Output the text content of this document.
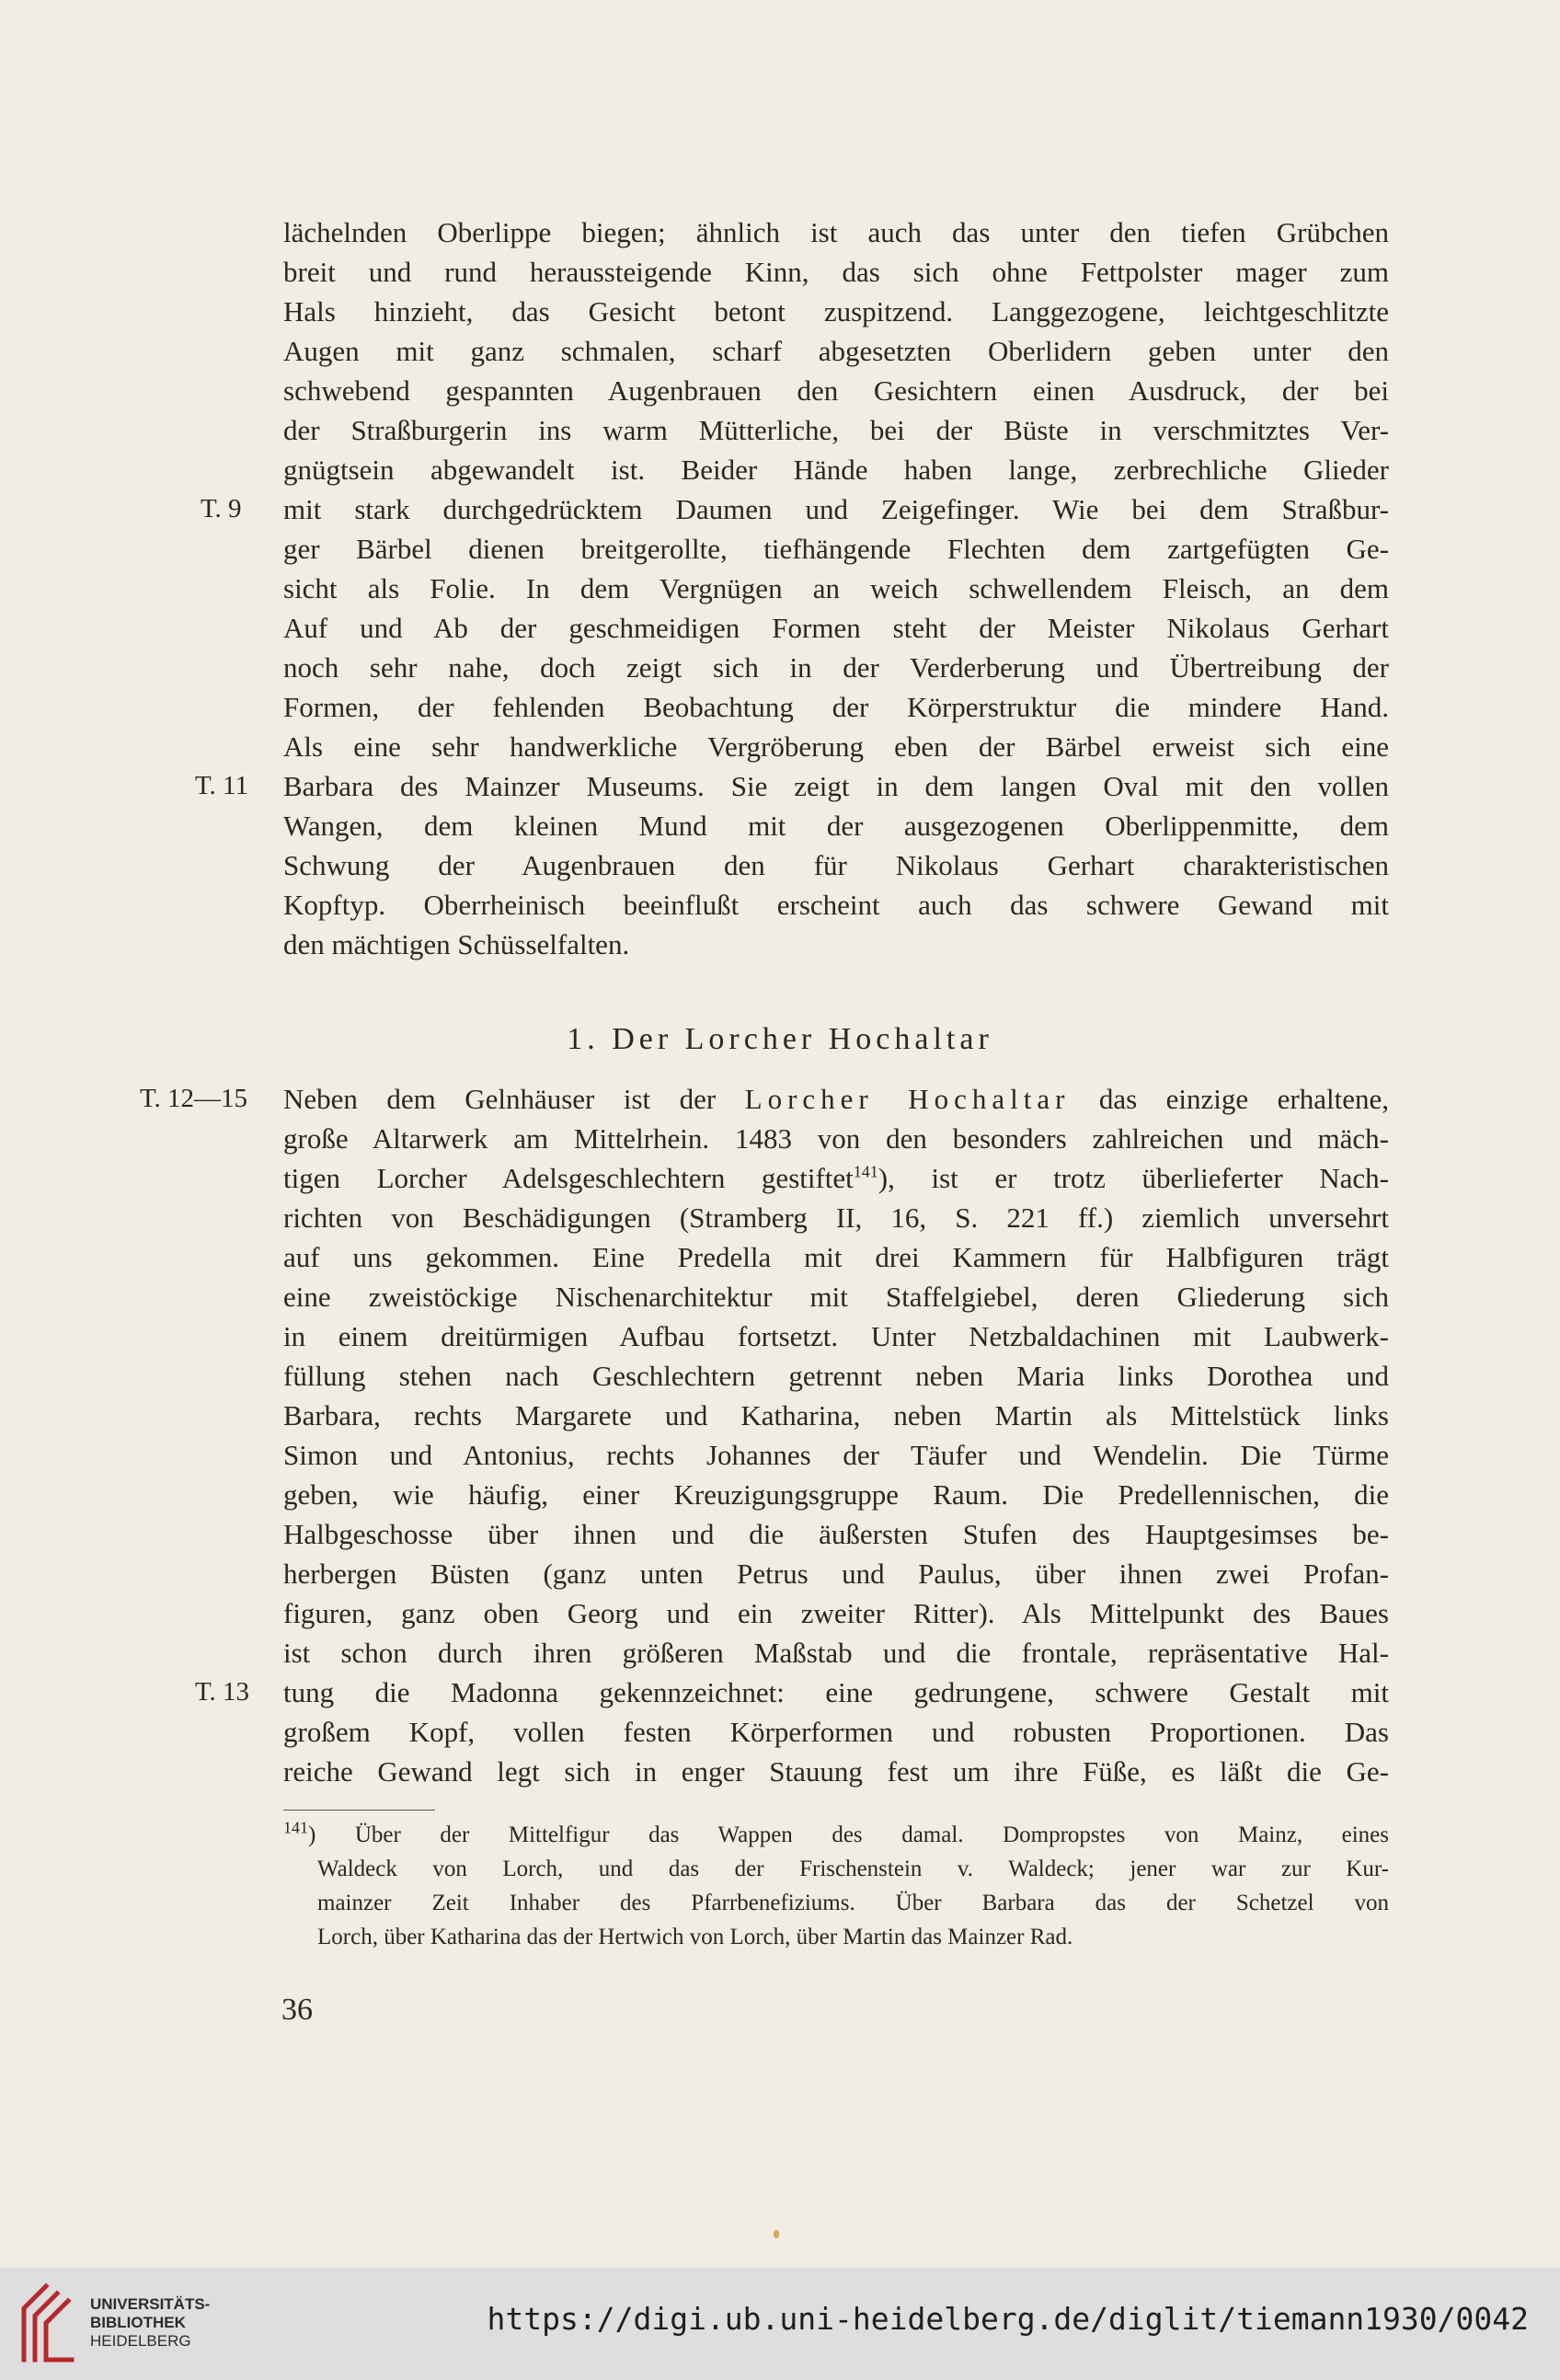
lächelnden Oberlippe biegen; ähnlich ist auch das unter den tiefen Grübchen
breit und rund heraussteigende Kinn, das sich ohne Fettpolster mager zum
Hals hinzieht, das Gesicht betont zuspitzend. Langgezogene, leichtgeschlitzte
Augen mit ganz schmalen, scharf abgesetzten Oberlidern geben unter den
schwebend gespannten Augenbrauen den Gesichtern einen Ausdruck, der bei
der Straßburgerin ins warm Mütterliche, bei der Büste in verschmitztes Ver-
gnügtsein abgewandelt ist. Beider Hände haben lange, zerbrechliche Glieder
mit stark durchgedrücktem Daumen und Zeigefinger. Wie bei dem Straßbur-
ger Bärbel dienen breitgerollte, tiefhängende Flechten dem zartgefügten Ge-
sicht als Folie. In dem Vergnügen an weich schwellendem Fleisch, an dem
Auf und Ab der geschmeidigen Formen steht der Meister Nikolaus Gerhart
noch sehr nahe, doch zeigt sich in der Verderberung und Übertreibung der
Formen, der fehlenden Beobachtung der Körperstruktur die mindere Hand.
Als eine sehr handwerkliche Vergröberung eben der Bärbel erweist sich eine
Barbara des Mainzer Museums. Sie zeigt in dem langen Oval mit den vollen
Wangen, dem kleinen Mund mit der ausgezogenen Oberlippenmitte, dem
Schwung der Augenbrauen den für Nikolaus Gerhart charakteristischen
Kopftyp. Oberrheinisch beeinflußt erscheint auch das schwere Gewand mit
den mächtigen Schüsselfalten.
T. 9
T. 11
1. Der Lorcher Hochaltar
Neben dem Gelnhäuser ist der Lorcher Hochaltar das einzige erhaltene,
große Altarwerk am Mittelrhein. 1483 von den besonders zahlreichen und mäch-
tigen Lorcher Adelsgeschlechtern gestiftet$^{141}$), ist er trotz überlieferter Nach-
richten von Beschädigungen (Stramberg II, 16, S. 221 ff.) ziemlich unversehrt
auf uns gekommen. Eine Predella mit drei Kammern für Halbfiguren trägt
eine zweistöckige Nischenarchitektur mit Staffelgiebel, deren Gliederung sich
in einem dreitürmigen Aufbau fortsetzt. Unter Netzbaldachinen mit Laubwerk-
füllung stehen nach Geschlechtern getrennt neben Maria links Dorothea und
Barbara, rechts Margarete und Katharina, neben Martin als Mittelstück links
Simon und Antonius, rechts Johannes der Täufer und Wendelin. Die Türme
geben, wie häufig, einer Kreuzigungsgruppe Raum. Die Predellennischen, die
Halbgeschosse über ihnen und die äußersten Stufen des Hauptgesimses be-
herbergen Büsten (ganz unten Petrus und Paulus, über ihnen zwei Profan-
figuren, ganz oben Georg und ein zweiter Ritter). Als Mittelpunkt des Baues
ist schon durch ihren größeren Maßstab und die frontale, repräsentative Hal-
tung die Madonna gekennzeichnet: eine gedrungene, schwere Gestalt mit
großem Kopf, vollen festen Körperformen und robusten Proportionen. Das
reiche Gewand legt sich in enger Stauung fest um ihre Füße, es läßt die Ge-
T. 12—15
T. 13
$^{141}$) Über der Mittelfigur das Wappen des damal. Dompropstes von Mainz, eines
Waldeck von Lorch, und das der Frischenstein v. Waldeck; jener war zur Kur-
mainzer Zeit Inhaber des Pfarrbenefiziums. Über Barbara das der Schetzel von
Lorch, über Katharina das der Hertwich von Lorch, über Martin das Mainzer Rad.
36
UNIVERSITÄTS-
BIBLIOTHEK
HEIDELBERG
https://digi.ub.uni-heidelberg.de/diglit/tiemann1930/0042
